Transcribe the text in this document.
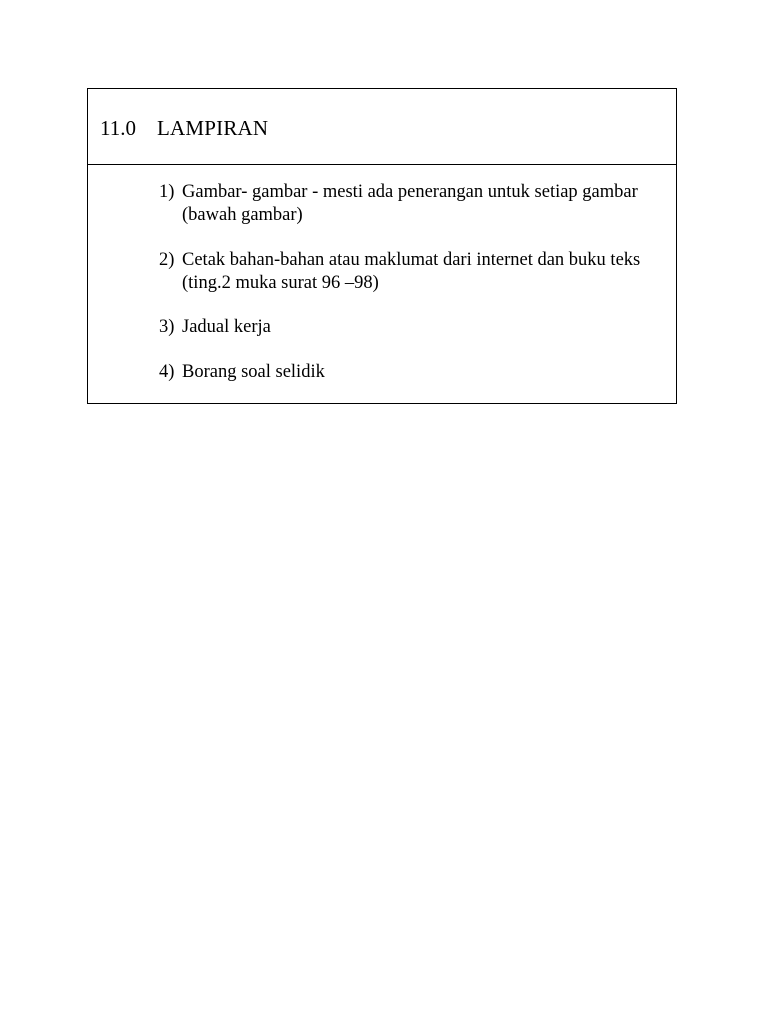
11.0 LAMPIRAN
1) Gambar- gambar - mesti ada penerangan untuk setiap gambar (bawah gambar)
2) Cetak bahan-bahan atau maklumat dari internet dan buku teks (ting.2 muka surat 96 –98)
3) Jadual kerja
4) Borang soal selidik
